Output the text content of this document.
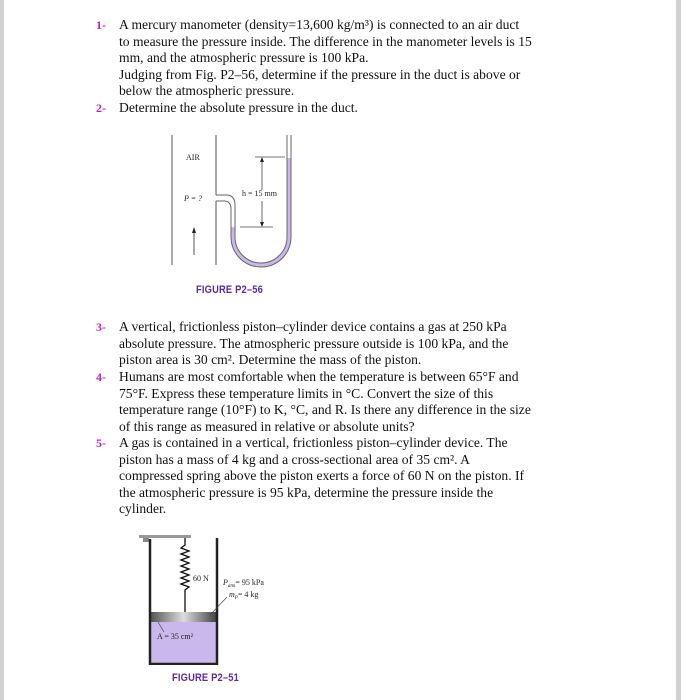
1- A mercury manometer (density=13,600 kg/m³) is connected to an air duct

to measure the pressure inside. The difference in the manometer levels is 15

mm, and the atmospheric pressure is 100 kPa.

Judging from Fig. P2–56, determine if the pressure in the duct is above or

below the atmospheric pressure.

2- Determine the absolute pressure in the duct.

AIR
P = ?
h = 15 mm
FIGURE P2–56
3- A vertical, frictionless piston–cylinder device contains a gas at 250 kPa

absolute pressure. The atmospheric pressure outside is 100 kPa, and the

piston area is 30 cm². Determine the mass of the piston.

4- Humans are most comfortable when the temperature is between 65°F and

75°F. Express these temperature limits in °C. Convert the size of this

temperature range (10°F) to K, °C, and R. Is there any difference in the size

of this range as measured in relative or absolute units?

5- A gas is contained in a vertical, frictionless piston–cylinder device. The

piston has a mass of 4 kg and a cross-sectional area of 35 cm². A

compressed spring above the piston exerts a force of 60 N on the piston. If

the atmospheric pressure is 95 kPa, determine the pressure inside the

cylinder.

60 N $P_{atm}= 95$ kPa
$m_P= 4$ kg
A = 35 cm²
FIGURE P2–51
